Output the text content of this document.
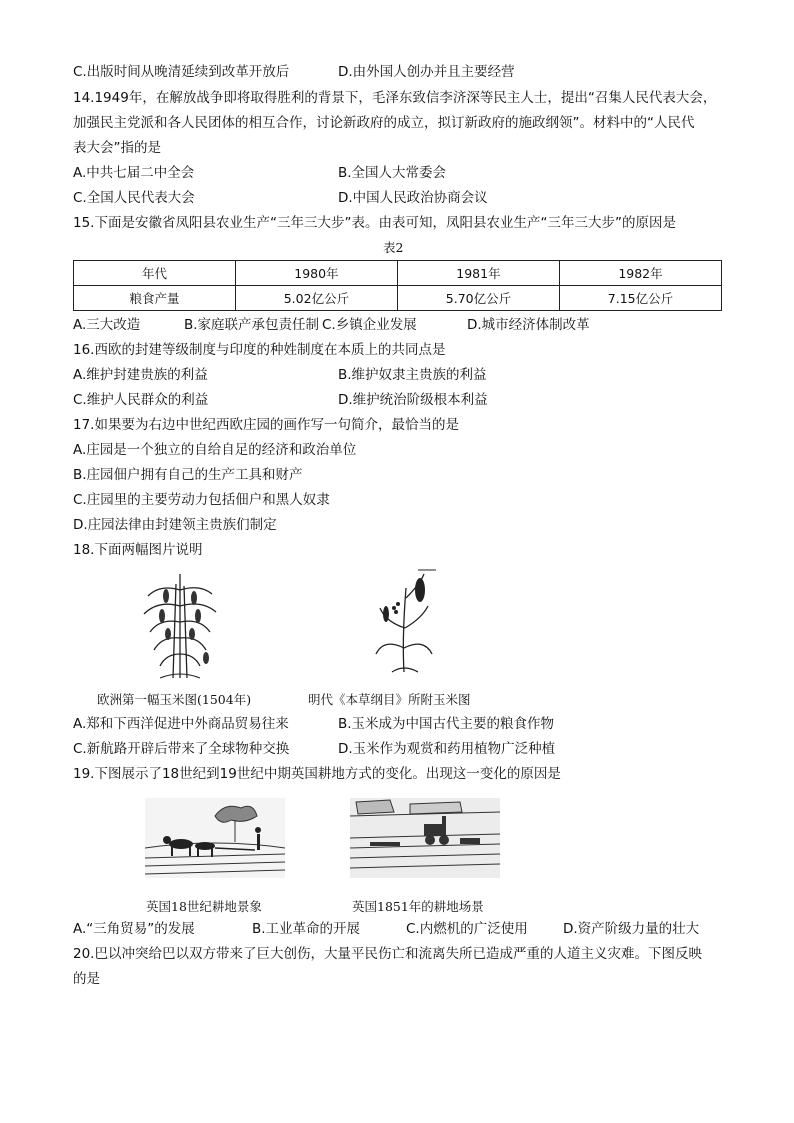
C.出版时间从晚清延续到改革开放后	D.由外国人创办并且主要经营
14.1949年，在解放战争即将取得胜利的背景下，毛泽东致信李济深等民主人士，提出“召集人民代表大会，
加强民主党派和各人民团体的相互合作，讨论新政府的成立，拟订新政府的施政纲领”。材料中的“人民代
表大会”指的是
A.中共七届二中全会	B.全国人大常委会
C.全国人民代表大会	D.中国人民政治协商会议
15.下面是安徽省凤阳县农业生产“三年三大步”表。由表可知，凤阳县农业生产“三年三大步”的原因是
表2
年代	1980年	1981年	1982年
粮食产量	5.02亿公斤	5.70亿公斤	7.15亿公斤
A.三大改造	B.家庭联产承包责任制 C.乡镇企业发展	D.城市经济体制改革
16.西欧的封建等级制度与印度的种姓制度在本质上的共同点是
A.维护封建贵族的利益	B.维护奴隶主贵族的利益
C.维护人民群众的利益	D.维护统治阶级根本利益
17.如果要为右边中世纪西欧庄园的画作写一句简介，最恰当的是
A.庄园是一个独立的自给自足的经济和政治单位
B.庄园佃户拥有自己的生产工具和财产
C.庄园里的主要劳动力包括佃户和黑人奴隶
D.庄园法律由封建领主贵族们制定
18.下面两幅图片说明
欧洲第一幅玉米图(1504年)	明代《本草纲目》所附玉米图
A.郑和下西洋促进中外商品贸易往来	B.玉米成为中国古代主要的粮食作物
C.新航路开辟后带来了全球物种交换	D.玉米作为观赏和药用植物广泛种植
19.下图展示了18世纪到19世纪中期英国耕地方式的变化。出现这一变化的原因是
英国18世纪耕地景象	英国1851年的耕地场景
A.“三角贸易”的发展	B.工业革命的开展	C.内燃机的广泛使用	D.资产阶级力量的壮大
20.巴以冲突给巴以双方带来了巨大创伤，大量平民伤亡和流离失所已造成严重的人道主义灾难。下图反映
的是
